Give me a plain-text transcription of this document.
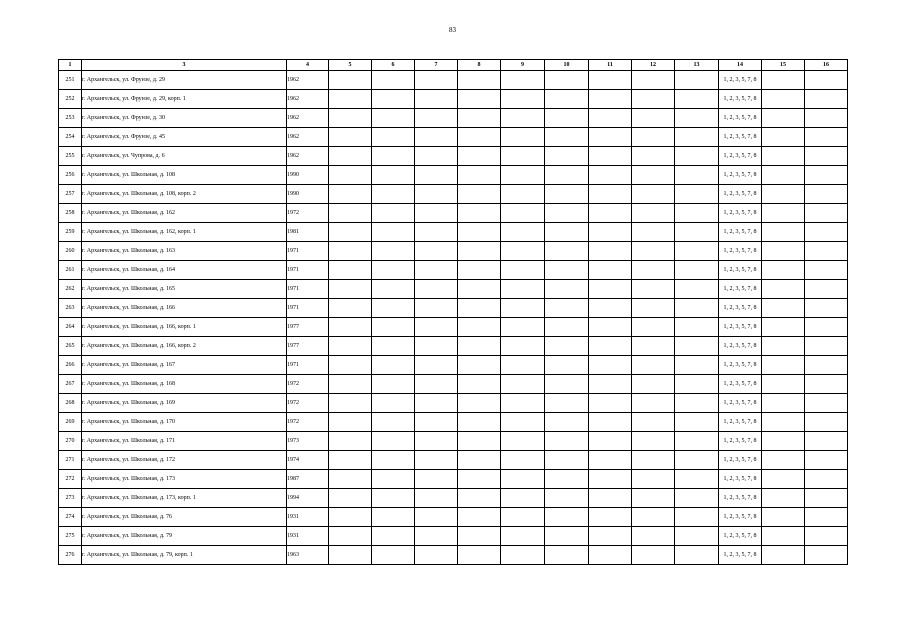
83
1	3	4	5	6	7	8	9	10	11	12	13	14	15	16
251	г. Архангельск, ул. Фрунзе, д. 29	1962										1, 2, 3, 5, 7, 8		
252	г. Архангельск, ул. Фрунзе, д. 29, корп. 1	1962										1, 2, 3, 5, 7, 8		
253	г. Архангельск, ул. Фрунзе, д. 30	1962										1, 2, 3, 5, 7, 8		
254	г. Архангельск, ул. Фрунзе, д. 45	1962										1, 2, 3, 5, 7, 8		
255	г. Архангельск, ул. Чупрова, д. 6	1962										1, 2, 3, 5, 7, 8		
256	г. Архангельск, ул. Школьная, д. 108	1990										1, 2, 3, 5, 7, 8		
257	г. Архангельск, ул. Школьная, д. 108, корп. 2	1990										1, 2, 3, 5, 7, 8		
258	г. Архангельск, ул. Школьная, д. 162	1972										1, 2, 3, 5, 7, 8		
259	г. Архангельск, ул. Школьная, д. 162, корп. 1	1981										1, 2, 3, 5, 7, 8		
260	г. Архангельск, ул. Школьная, д. 163	1971										1, 2, 3, 5, 7, 8		
261	г. Архангельск, ул. Школьная, д. 164	1971										1, 2, 3, 5, 7, 8		
262	г. Архангельск, ул. Школьная, д. 165	1971										1, 2, 3, 5, 7, 8		
263	г. Архангельск, ул. Школьная, д. 166	1971										1, 2, 3, 5, 7, 8		
264	г. Архангельск, ул. Школьная, д. 166, корп. 1	1977										1, 2, 3, 5, 7, 8		
265	г. Архангельск, ул. Школьная, д. 166, корп. 2	1977										1, 2, 3, 5, 7, 8		
266	г. Архангельск, ул. Школьная, д. 167	1971										1, 2, 3, 5, 7, 8		
267	г. Архангельск, ул. Школьная, д. 168	1972										1, 2, 3, 5, 7, 8		
268	г. Архангельск, ул. Школьная, д. 169	1972										1, 2, 3, 5, 7, 8		
269	г. Архангельск, ул. Школьная, д. 170	1972										1, 2, 3, 5, 7, 8		
270	г. Архангельск, ул. Школьная, д. 171	1973										1, 2, 3, 5, 7, 8		
271	г. Архангельск, ул. Школьная, д. 172	1974										1, 2, 3, 5, 7, 8		
272	г. Архангельск, ул. Школьная, д. 173	1987										1, 2, 3, 5, 7, 8		
273	г. Архангельск, ул. Школьная, д. 173, корп. 1	1994										1, 2, 3, 5, 7, 8		
274	г. Архангельск, ул. Школьная, д. 76	1931										1, 2, 3, 5, 7, 8		
275	г. Архангельск, ул. Школьная, д. 79	1931										1, 2, 3, 5, 7, 8		
276	г. Архангельск, ул. Школьная, д. 79, корп. 1	1963										1, 2, 3, 5, 7, 8		
